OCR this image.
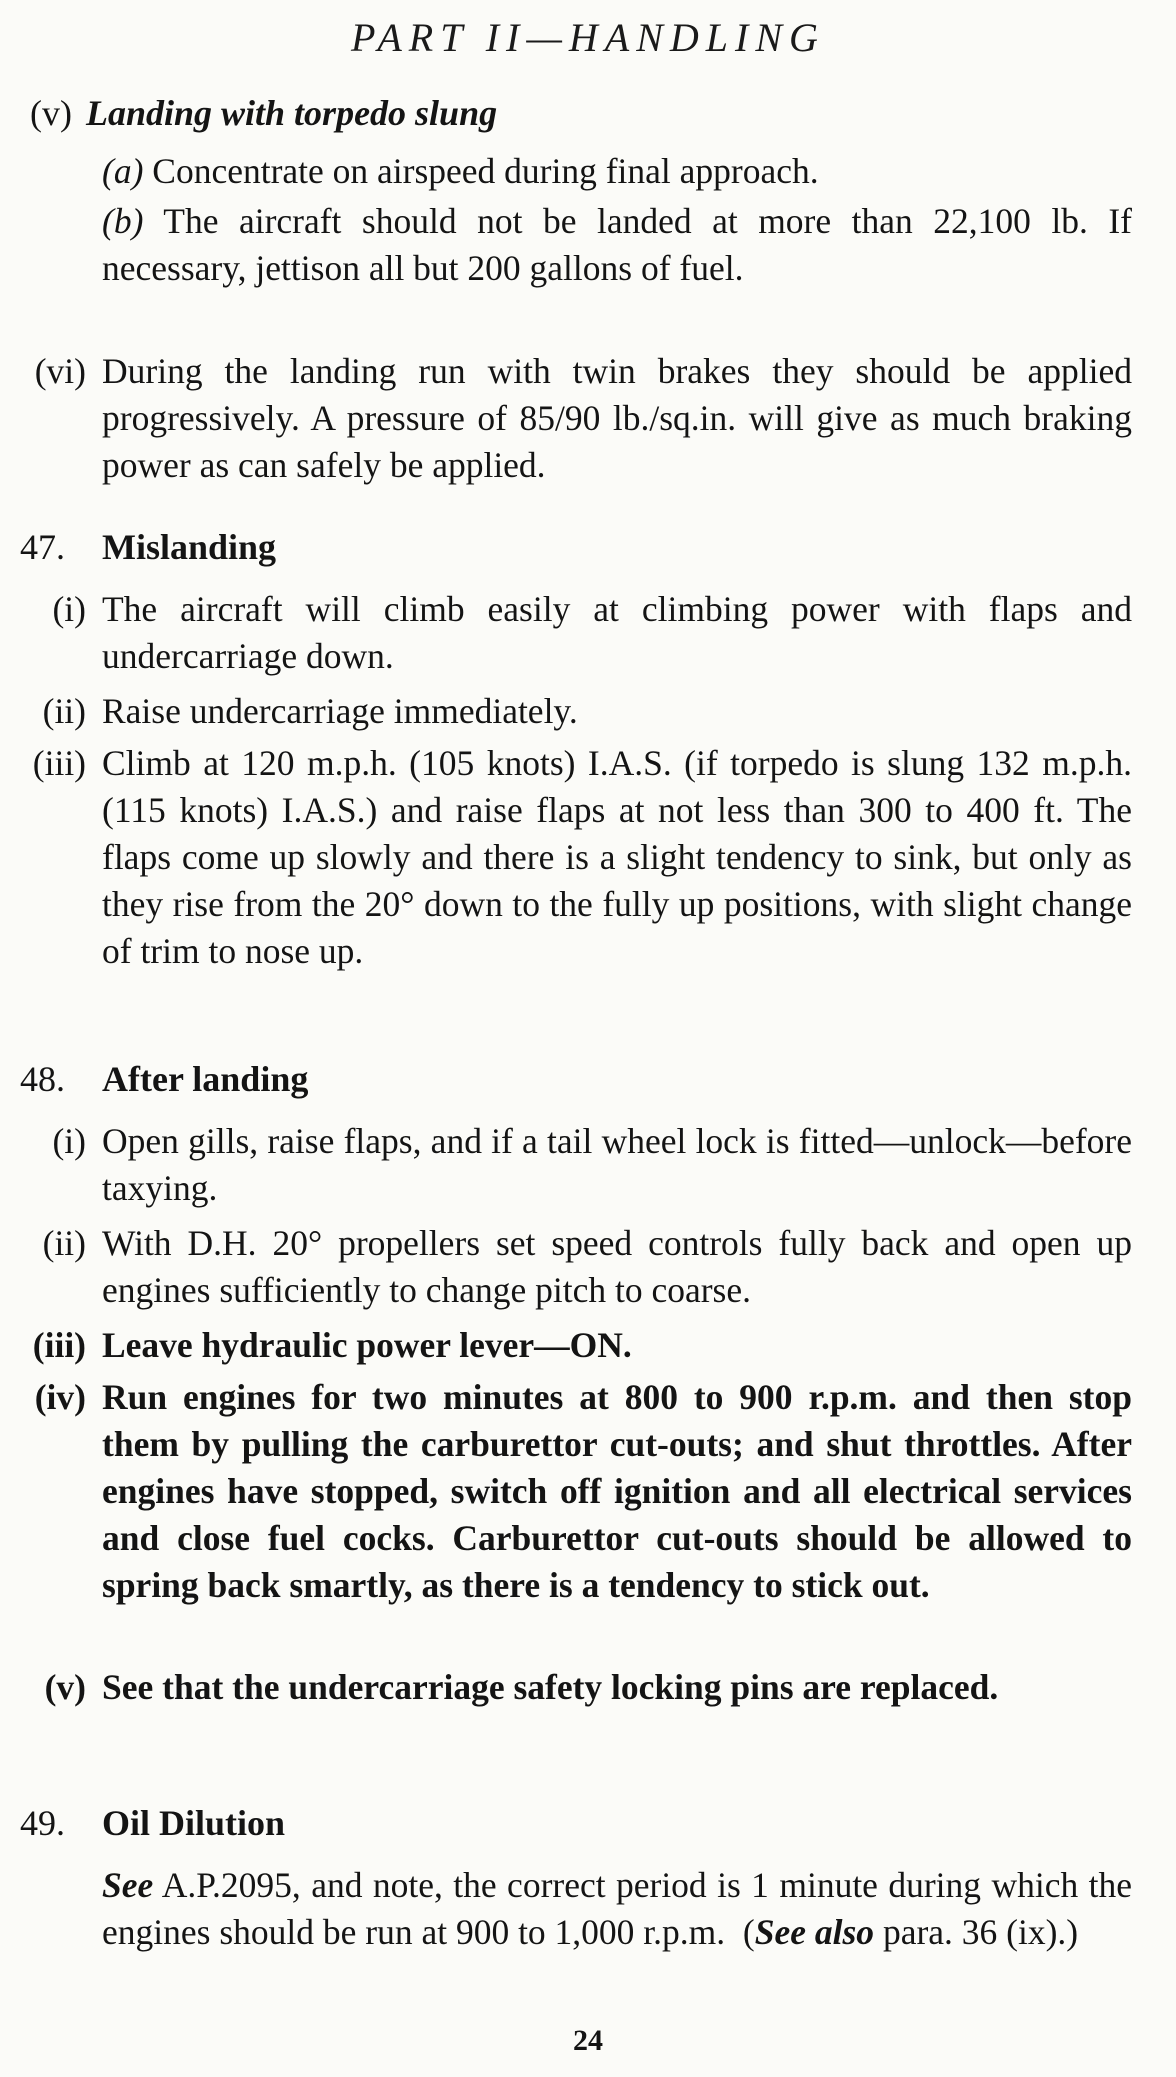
PART II—HANDLING
(v) Landing with torpedo slung
(a) Concentrate on airspeed during final approach.
(b) The aircraft should not be landed at more than 22,100 lb. If necessary, jettison all but 200 gallons of fuel.
(vi) During the landing run with twin brakes they should be applied progressively. A pressure of 85/90 lb./sq.in. will give as much braking power as can safely be applied.
47. Mislanding
(i) The aircraft will climb easily at climbing power with flaps and undercarriage down.
(ii) Raise undercarriage immediately.
(iii) Climb at 120 m.p.h. (105 knots) I.A.S. (if torpedo is slung 132 m.p.h. (115 knots) I.A.S.) and raise flaps at not less than 300 to 400 ft. The flaps come up slowly and there is a slight tendency to sink, but only as they rise from the 20° down to the fully up positions, with slight change of trim to nose up.
48. After landing
(i) Open gills, raise flaps, and if a tail wheel lock is fitted—unlock—before taxying.
(ii) With D.H. 20° propellers set speed controls fully back and open up engines sufficiently to change pitch to coarse.
(iii) Leave hydraulic power lever—ON.
(iv) Run engines for two minutes at 800 to 900 r.p.m. and then stop them by pulling the carburettor cut-outs; and shut throttles. After engines have stopped, switch off ignition and all electrical services and close fuel cocks. Carburettor cut-outs should be allowed to spring back smartly, as there is a tendency to stick out.
(v) See that the undercarriage safety locking pins are replaced.
49. Oil Dilution
See A.P.2095, and note, the correct period is 1 minute during which the engines should be run at 900 to 1,000 r.p.m. (See also para. 36 (ix).)
24
